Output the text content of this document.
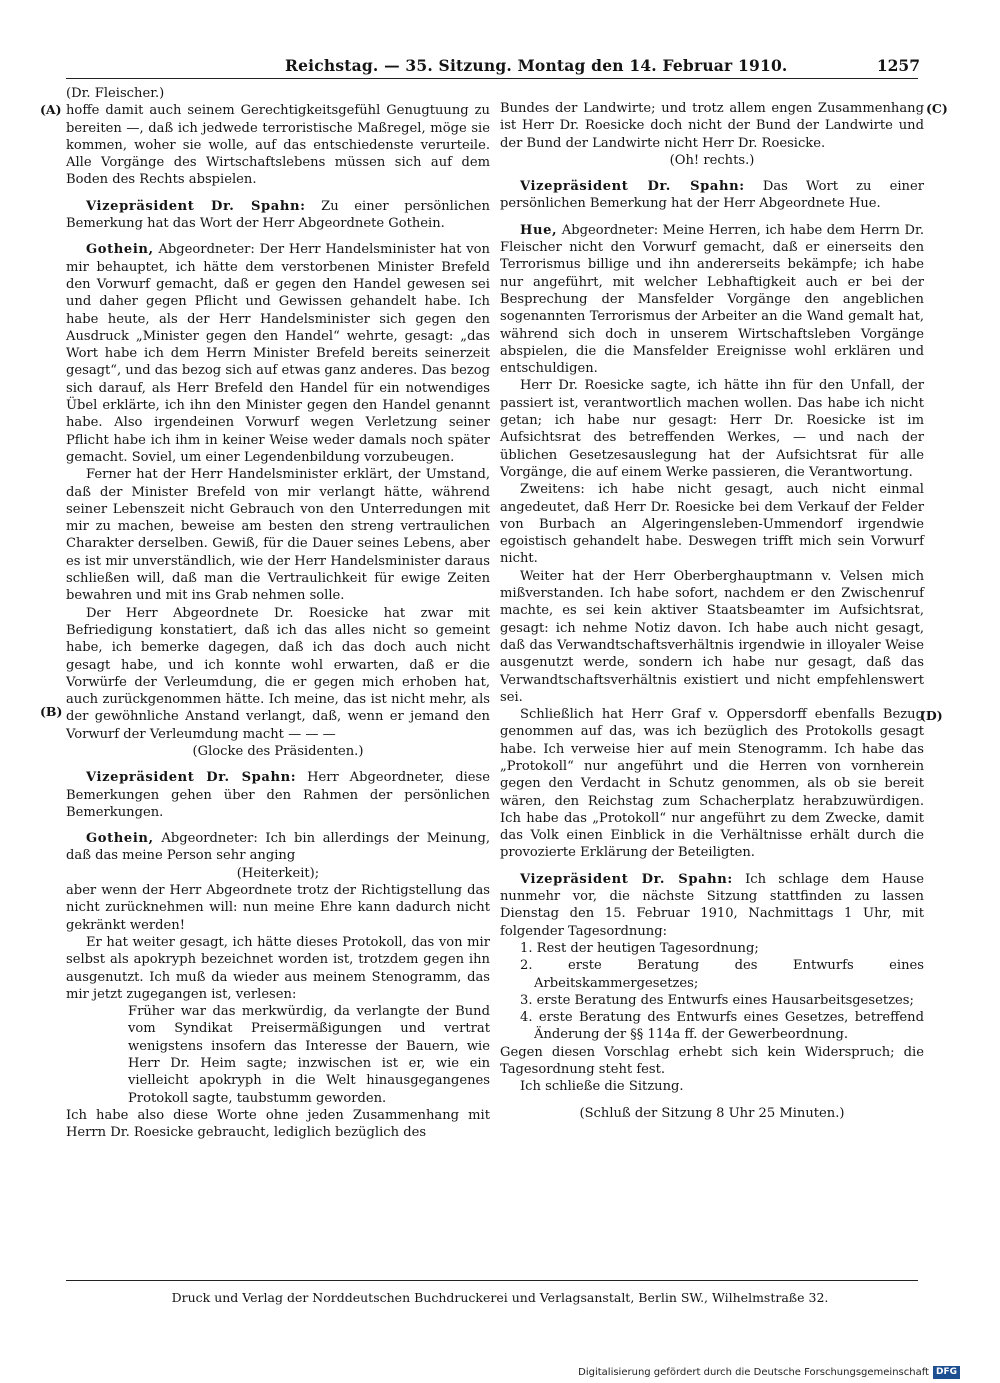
Reichstag. — 35. Sitzung. Montag den 14. Februar 1910.	1257
(A)
(B)
(C)
(D)

(Dr. Fleischer.)

hoffe damit auch seinem Gerechtigkeitsgefühl Genugtuung zu bereiten —, daß ich jedwede terroristische Maßregel, möge sie kommen, woher sie wolle, auf das entschiedenste verurteile. Alle Vorgänge des Wirtschaftslebens müssen sich auf dem Boden des Rechts abspielen.

Vizepräsident Dr. Spahn: Zu einer persönlichen Bemerkung hat das Wort der Herr Abgeordnete Gothein.

Gothein, Abgeordneter: Der Herr Handelsminister hat von mir behauptet, ich hätte dem verstorbenen Minister Brefeld den Vorwurf gemacht, daß er gegen den Handel gewesen sei und daher gegen Pflicht und Gewissen gehandelt habe. Ich habe heute, als der Herr Handelsminister sich gegen den Ausdruck „Minister gegen den Handel“ wehrte, gesagt: „das Wort habe ich dem Herrn Minister Brefeld bereits seinerzeit gesagt“, und das bezog sich auf etwas ganz anderes. Das bezog sich darauf, als Herr Brefeld den Handel für ein notwendiges Übel erklärte, ich ihn den Minister gegen den Handel genannt habe. Also irgendeinen Vorwurf wegen Verletzung seiner Pflicht habe ich ihm in keiner Weise weder damals noch später gemacht. Soviel, um einer Legendenbildung vorzubeugen.

Ferner hat der Herr Handelsminister erklärt, der Umstand, daß der Minister Brefeld von mir verlangt hätte, während seiner Lebenszeit nicht Gebrauch von den Unterredungen mit mir zu machen, beweise am besten den streng vertraulichen Charakter derselben. Gewiß, für die Dauer seines Lebens, aber es ist mir unverständlich, wie der Herr Handelsminister daraus schließen will, daß man die Vertraulichkeit für ewige Zeiten bewahren und mit ins Grab nehmen solle.

Der Herr Abgeordnete Dr. Roesicke hat zwar mit Befriedigung konstatiert, daß ich das alles nicht so gemeint habe, ich bemerke dagegen, daß ich das doch auch nicht gesagt habe, und ich konnte wohl erwarten, daß er die Vorwürfe der Verleumdung, die er gegen mich erhoben hat, auch zurückgenommen hätte. Ich meine, das ist nicht mehr, als der gewöhnliche Anstand verlangt, daß, wenn er jemand den Vorwurf der Verleumdung macht — — —

(Glocke des Präsidenten.)

Vizepräsident Dr. Spahn: Herr Abgeordneter, diese Bemerkungen gehen über den Rahmen der persönlichen Bemerkungen.

Gothein, Abgeordneter: Ich bin allerdings der Meinung, daß das meine Person sehr anging

(Heiterkeit);

aber wenn der Herr Abgeordnete trotz der Richtigstellung das nicht zurücknehmen will: nun meine Ehre kann dadurch nicht gekränkt werden!

Er hat weiter gesagt, ich hätte dieses Protokoll, das von mir selbst als apokryph bezeichnet worden ist, trotzdem gegen ihn ausgenutzt. Ich muß da wieder aus meinem Stenogramm, das mir jetzt zugegangen ist, verlesen:

Früher war das merkwürdig, da verlangte der Bund vom Syndikat Preisermäßigungen und vertrat wenigstens insofern das Interesse der Bauern, wie Herr Dr. Heim sagte; inzwischen ist er, wie ein vielleicht apokryph in die Welt hinausgegangenes Protokoll sagte, taubstumm geworden.

Ich habe also diese Worte ohne jeden Zusammenhang mit Herrn Dr. Roesicke gebraucht, lediglich bezüglich des

Bundes der Landwirte; und trotz allem engen Zusammenhang ist Herr Dr. Roesicke doch nicht der Bund der Landwirte und der Bund der Landwirte nicht Herr Dr. Roesicke.

(Oh! rechts.)

Vizepräsident Dr. Spahn: Das Wort zu einer persönlichen Bemerkung hat der Herr Abgeordnete Hue.

Hue, Abgeordneter: Meine Herren, ich habe dem Herrn Dr. Fleischer nicht den Vorwurf gemacht, daß er einerseits den Terrorismus billige und ihn andererseits bekämpfe; ich habe nur angeführt, mit welcher Lebhaftigkeit auch er bei der Besprechung der Mansfelder Vorgänge den angeblichen sogenannten Terrorismus der Arbeiter an die Wand gemalt hat, während sich doch in unserem Wirtschaftsleben Vorgänge abspielen, die die Mansfelder Ereignisse wohl erklären und entschuldigen.

Herr Dr. Roesicke sagte, ich hätte ihn für den Unfall, der passiert ist, verantwortlich machen wollen. Das habe ich nicht getan; ich habe nur gesagt: Herr Dr. Roesicke ist im Aufsichtsrat des betreffenden Werkes, — und nach der üblichen Gesetzesauslegung hat der Aufsichtsrat für alle Vorgänge, die auf einem Werke passieren, die Verantwortung.

Zweitens: ich habe nicht gesagt, auch nicht einmal angedeutet, daß Herr Dr. Roesicke bei dem Verkauf der Felder von Burbach an Algeringensleben-Ummendorf irgendwie egoistisch gehandelt habe. Deswegen trifft mich sein Vorwurf nicht.

Weiter hat der Herr Oberberghauptmann v. Velsen mich mißverstanden. Ich habe sofort, nachdem er den Zwischenruf machte, es sei kein aktiver Staatsbeamter im Aufsichtsrat, gesagt: ich nehme Notiz davon. Ich habe auch nicht gesagt, daß das Verwandtschaftsverhältnis irgendwie in illoyaler Weise ausgenutzt werde, sondern ich habe nur gesagt, daß das Verwandtschaftsverhältnis existiert und nicht empfehlenswert sei.

Schließlich hat Herr Graf v. Oppersdorff ebenfalls Bezug genommen auf das, was ich bezüglich des Protokolls gesagt habe. Ich verweise hier auf mein Stenogramm. Ich habe das „Protokoll“ nur angeführt und die Herren von vornherein gegen den Verdacht in Schutz genommen, als ob sie bereit wären, den Reichstag zum Schacherplatz herabzuwürdigen. Ich habe das „Protokoll“ nur angeführt zu dem Zwecke, damit das Volk einen Einblick in die Verhältnisse erhält durch die provozierte Erklärung der Beteiligten.

Vizepräsident Dr. Spahn: Ich schlage dem Hause nunmehr vor, die nächste Sitzung stattfinden zu lassen Dienstag den 15. Februar 1910, Nachmittags 1 Uhr, mit folgender Tagesordnung:

1. Rest der heutigen Tagesordnung;

2. erste Beratung des Entwurfs eines Arbeitskammergesetzes;

3. erste Beratung des Entwurfs eines Hausarbeitsgesetzes;

4. erste Beratung des Entwurfs eines Gesetzes, betreffend Änderung der §§ 114a ff. der Gewerbeordnung.

Gegen diesen Vorschlag erhebt sich kein Widerspruch; die Tagesordnung steht fest.

Ich schließe die Sitzung.

(Schluß der Sitzung 8 Uhr 25 Minuten.)

Druck und Verlag der Norddeutschen Buchdruckerei und Verlagsanstalt, Berlin SW., Wilhelmstraße 32.
Digitalisierung gefördert durch die Deutsche Forschungsgemeinschaft DFG
